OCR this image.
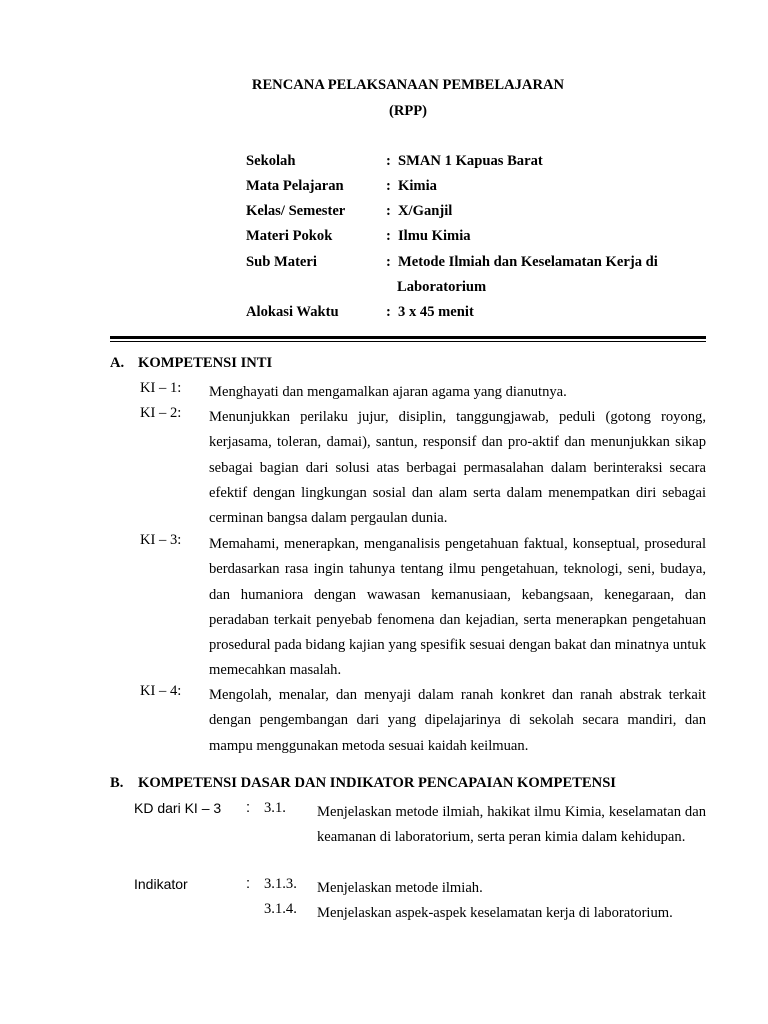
RENCANA PELAKSANAAN PEMBELAJARAN
(RPP)
Sekolah	: SMAN 1 Kapuas Barat
Mata Pelajaran	: Kimia
Kelas/ Semester	: X/Ganjil
Materi Pokok	: Ilmu Kimia
Sub Materi	: Metode Ilmiah dan Keselamatan Kerja di
Laboratorium
Alokasi Waktu	: 3 x 45 menit
A. KOMPETENSI INTI
KI – 1: Menghayati dan mengamalkan ajaran agama yang dianutnya.
KI – 2: Menunjukkan perilaku jujur, disiplin, tanggungjawab, peduli (gotong royong, kerjasama, toleran, damai), santun, responsif dan pro-aktif dan menunjukkan sikap sebagai bagian dari solusi atas berbagai permasalahan dalam berinteraksi secara efektif dengan lingkungan sosial dan alam serta dalam menempatkan diri sebagai cerminan bangsa dalam pergaulan dunia.
KI – 3: Memahami, menerapkan, menganalisis pengetahuan faktual, konseptual, prosedural berdasarkan rasa ingin tahunya tentang ilmu pengetahuan, teknologi, seni, budaya, dan humaniora dengan wawasan kemanusiaan, kebangsaan, kenegaraan, dan peradaban terkait penyebab fenomena dan kejadian, serta menerapkan pengetahuan prosedural pada bidang kajian yang spesifik sesuai dengan bakat dan minatnya untuk memecahkan masalah.
KI – 4: Mengolah, menalar, dan menyaji dalam ranah konkret dan ranah abstrak terkait dengan pengembangan dari yang dipelajarinya di sekolah secara mandiri, dan mampu menggunakan metoda sesuai kaidah keilmuan.
B. KOMPETENSI DASAR DAN INDIKATOR PENCAPAIAN KOMPETENSI
KD dari KI – 3 : 3.1. Menjelaskan metode ilmiah, hakikat ilmu Kimia, keselamatan dan keamanan di laboratorium, serta peran kimia dalam kehidupan.
Indikator	: 3.1.3. Menjelaskan metode ilmiah.
3.1.4. Menjelaskan aspek-aspek keselamatan kerja di laboratorium.
